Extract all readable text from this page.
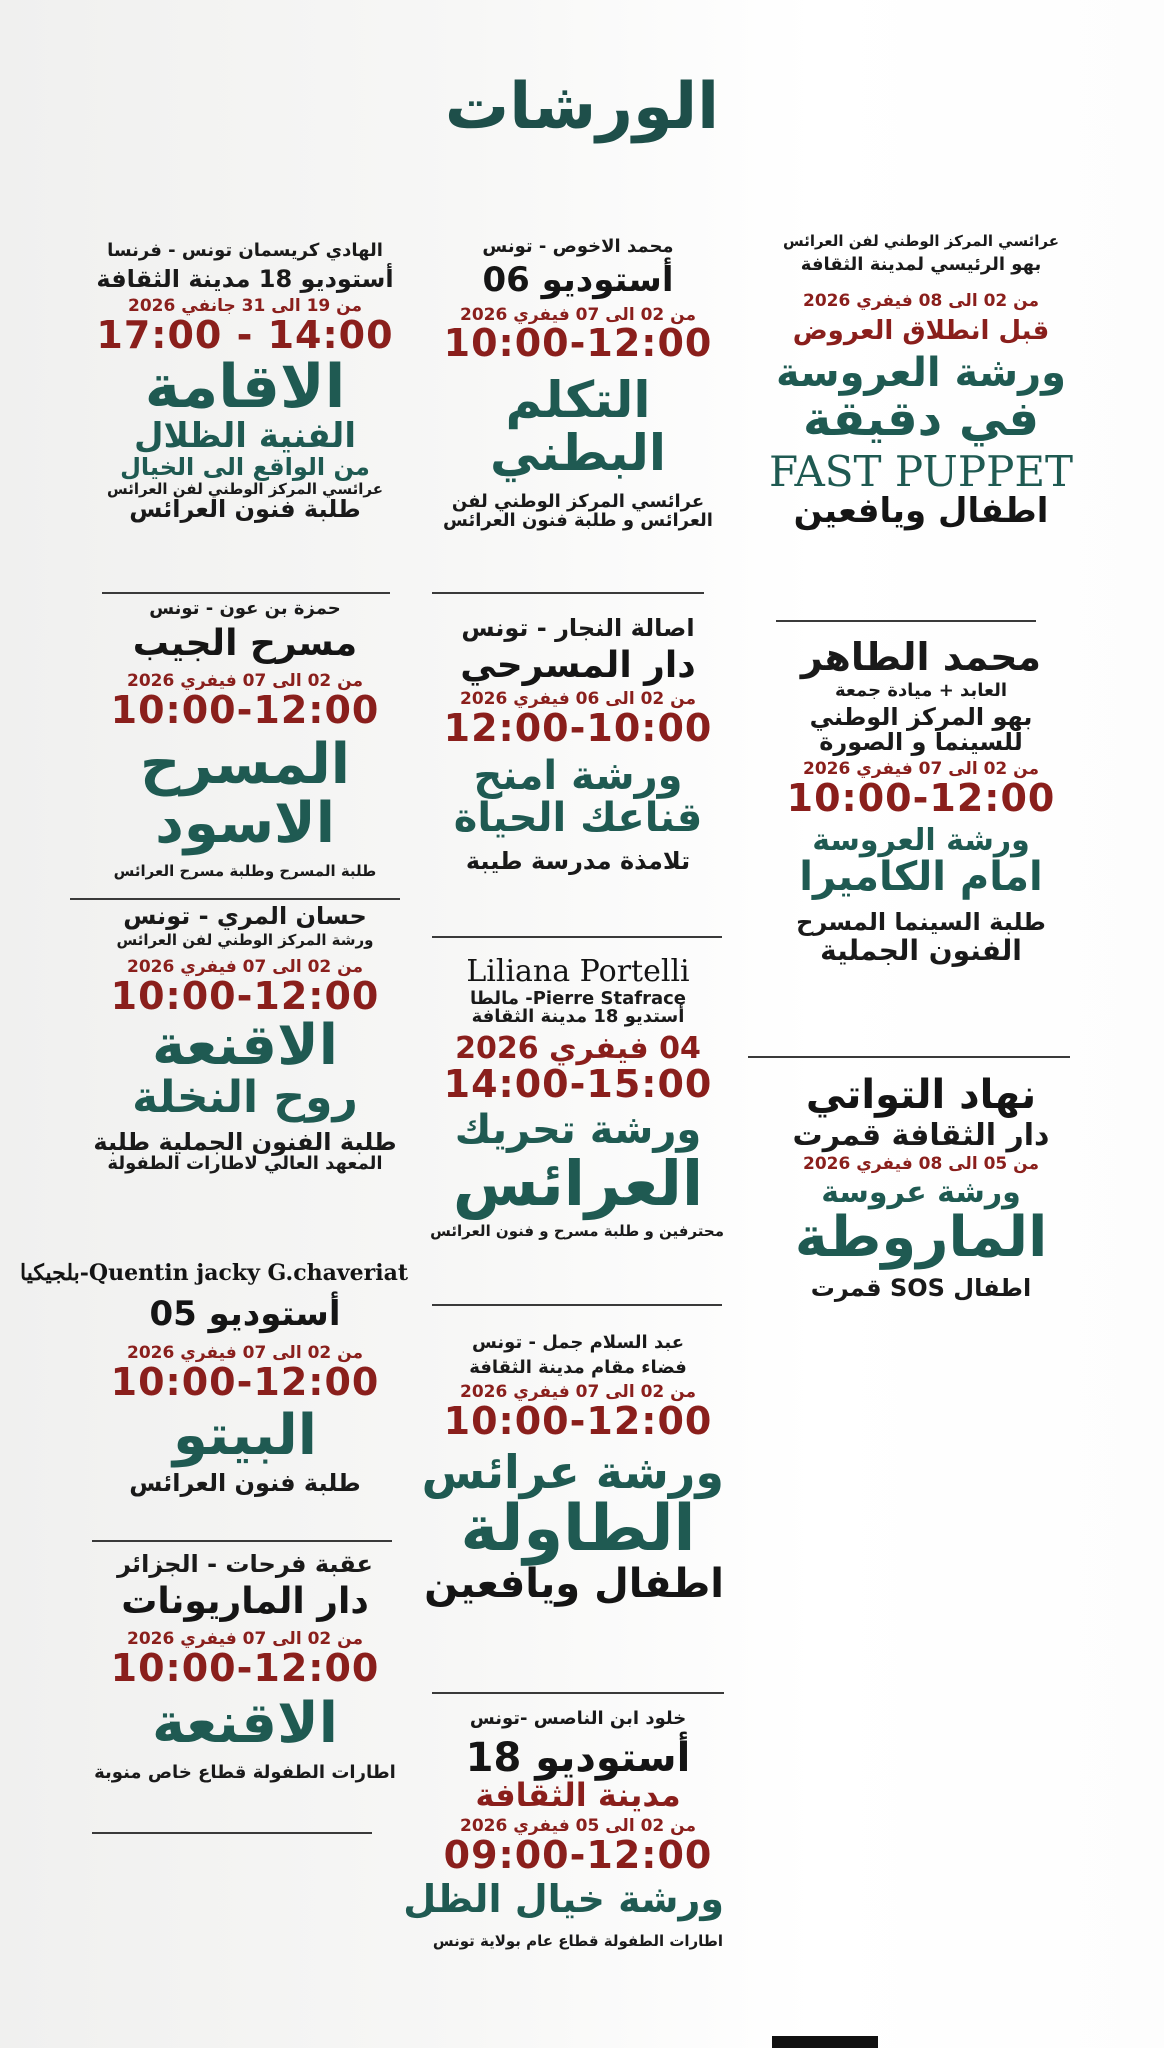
الورشات
عرائسي المركز الوطني لفن العرائس
بهو الرئيسي لمدينة الثقافة
من 02 الى 08 فيفري 2026
قبل انطلاق العروض
ورشة العروسة
في دقيقة
FAST PUPPET
اطفال ويافعين
محمد الطاهر
العابد + ميادة جمعة
بهو المركز الوطني
للسينما و الصورة
من 02 الى 07 فيفري 2026
10:00-12:00
ورشة العروسة
امام الكاميرا
طلبة السينما المسرح
الفنون الجملية
نهاد التواتي
دار الثقافة قمرت
من 05 الى 08 فيفري 2026
ورشة عروسة
الماروطة
اطفال SOS قمرت
محمد الاخوص - تونس
أستوديو 06
من 02 الى 07 فيفري 2026
10:00-12:00
التكلم
البطني
عرائسي المركز الوطني لفن
العرائس و طلبة فنون العرائس
اصالة النجار - تونس
دار المسرحي
من 02 الى 06 فيفري 2026
12:00-10:00
ورشة امنح
قناعك الحياة
تلامذة مدرسة طيبة
Liliana Portelli
Pierre Stafrace- مالطا
أستديو 18 مدينة الثقافة
04 فيفري 2026
14:00-15:00
ورشة تحريك
العرائس
محترفين و طلبة مسرح و فنون العرائس
عبد السلام جمل - تونس
فضاء مقام مدينة الثقافة
من 02 الى 07 فيفري 2026
10:00-12:00
ورشة عرائس
الطاولة
اطفال ويافعين
خلود ابن الناصس -تونس
أستوديو 18
مدينة الثقافة
من 02 الى 05 فيفري 2026
09:00-12:00
ورشة خيال الظل
اطارات الطفولة قطاع عام بولاية تونس
الهادي كريسمان تونس - فرنسا
أستوديو 18 مدينة الثقافة
من 19 الى 31 جانفي 2026
14:00 - 17:00
الاقامة
الفنية الظلال
من الواقع الى الخيال
عرائسي المركز الوطني لفن العرائس
طلبة فنون العرائس
حمزة بن عون - تونس
مسرح الجيب
من 02 الى 07 فيفري 2026
10:00-12:00
المسرح
الاسود
طلبة المسرح وطلبة مسرح العرائس
حسان المري - تونس
ورشة المركز الوطني لفن العرائس
من 02 الى 07 فيفري 2026
10:00-12:00
الاقنعة
روح النخلة
طلبة الفنون الجملية طلبة
المعهد العالي لاطارات الطفولة
Quentin jacky G.chaveriat-بلجيكيا
أستوديو 05
من 02 الى 07 فيفري 2026
10:00-12:00
البيتو
طلبة فنون العرائس
عقبة فرحات - الجزائر
دار الماريونات
من 02 الى 07 فيفري 2026
10:00-12:00
الاقنعة
اطارات الطفولة قطاع خاص منوبة
